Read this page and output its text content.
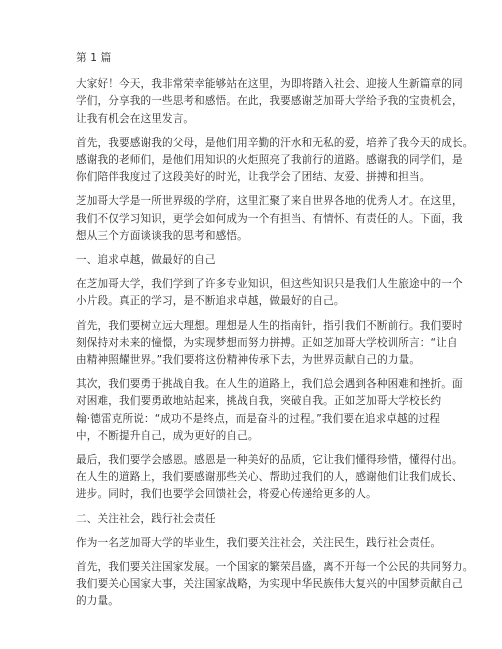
第 1 篇
大家好！今天，我非常荣幸能够站在这里，为即将踏入社会、迎接人生新篇章的同
学们，分享我的一些思考和感悟。在此，我要感谢芝加哥大学给予我的宝贵机会，
让我有机会在这里发言。
首先，我要感谢我的父母，是他们用辛勤的汗水和无私的爱，培养了我今天的成长。
感谢我的老师们，是他们用知识的火炬照亮了我前行的道路。感谢我的同学们，是
你们陪伴我度过了这段美好的时光，让我学会了团结、友爱、拼搏和担当。
芝加哥大学是一所世界级的学府，这里汇聚了来自世界各地的优秀人才。在这里，
我们不仅学习知识，更学会如何成为一个有担当、有情怀、有责任的人。下面，我
想从三个方面谈谈我的思考和感悟。
一、追求卓越，做最好的自己
在芝加哥大学，我们学到了许多专业知识，但这些知识只是我们人生旅途中的一个
小片段。真正的学习，是不断追求卓越，做最好的自己。
首先，我们要树立远大理想。理想是人生的指南针，指引我们不断前行。我们要时
刻保持对未来的憧憬，为实现梦想而努力拼搏。正如芝加哥大学校训所言：“让自
由精神照耀世界。”我们要将这份精神传承下去，为世界贡献自己的力量。
其次，我们要勇于挑战自我。在人生的道路上，我们总会遇到各种困难和挫折。面
对困难，我们要勇敢地站起来，挑战自我，突破自我。正如芝加哥大学校长约
翰·德雷克所说：“成功不是终点，而是奋斗的过程。”我们要在追求卓越的过程
中，不断提升自己，成为更好的自己。
最后，我们要学会感恩。感恩是一种美好的品质，它让我们懂得珍惜，懂得付出。
在人生的道路上，我们要感谢那些关心、帮助过我们的人，感谢他们让我们成长、
进步。同时，我们也要学会回馈社会，将爱心传递给更多的人。
二、关注社会，践行社会责任
作为一名芝加哥大学的毕业生，我们要关注社会，关注民生，践行社会责任。
首先，我们要关注国家发展。一个国家的繁荣昌盛，离不开每一个公民的共同努力。
我们要关心国家大事，关注国家战略，为实现中华民族伟大复兴的中国梦贡献自己
的力量。
